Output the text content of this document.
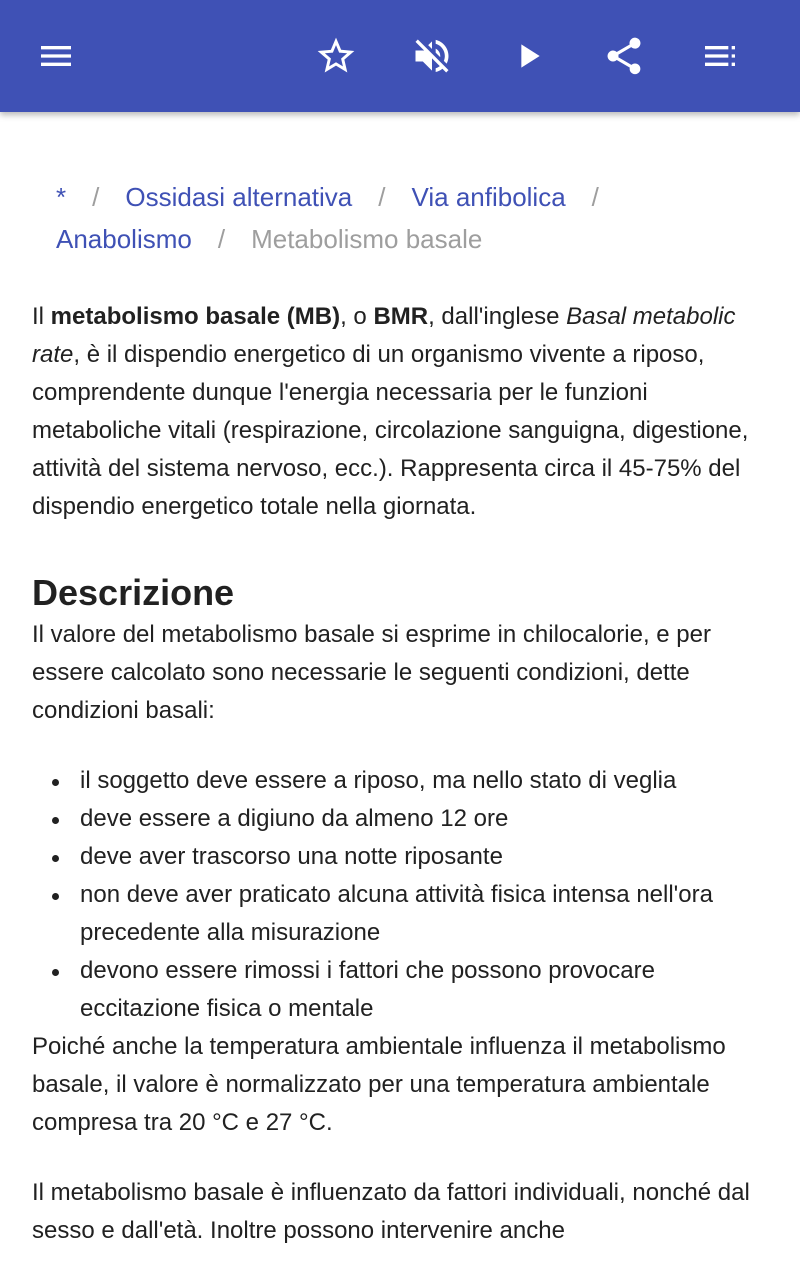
* / Ossidasi alternativa / Via anfibolica /
Anabolismo / Metabolismo basale

Il metabolismo basale (MB), o BMR, dall'inglese Basal metabolic rate, è il dispendio energetico di un organismo vivente a riposo, comprendente dunque l'energia necessaria per le funzioni metaboliche vitali (respirazione, circolazione sanguigna, digestione, attività del sistema nervoso, ecc.). Rappresenta circa il 45-75% del dispendio energetico totale nella giornata.

Descrizione

Il valore del metabolismo basale si esprime in chilocalorie, e per essere calcolato sono necessarie le seguenti condizioni, dette condizioni basali:

il soggetto deve essere a riposo, ma nello stato di veglia
deve essere a digiuno da almeno 12 ore
deve aver trascorso una notte riposante
non deve aver praticato alcuna attività fisica intensa nell'ora precedente alla misurazione
devono essere rimossi i fattori che possono provocare eccitazione fisica o mentale

Poiché anche la temperatura ambientale influenza il metabolismo basale, il valore è normalizzato per una temperatura ambientale compresa tra 20 °C e 27 °C.

Il metabolismo basale è influenzato da fattori individuali, nonché dal sesso e dall'età. Inoltre possono intervenire anche
